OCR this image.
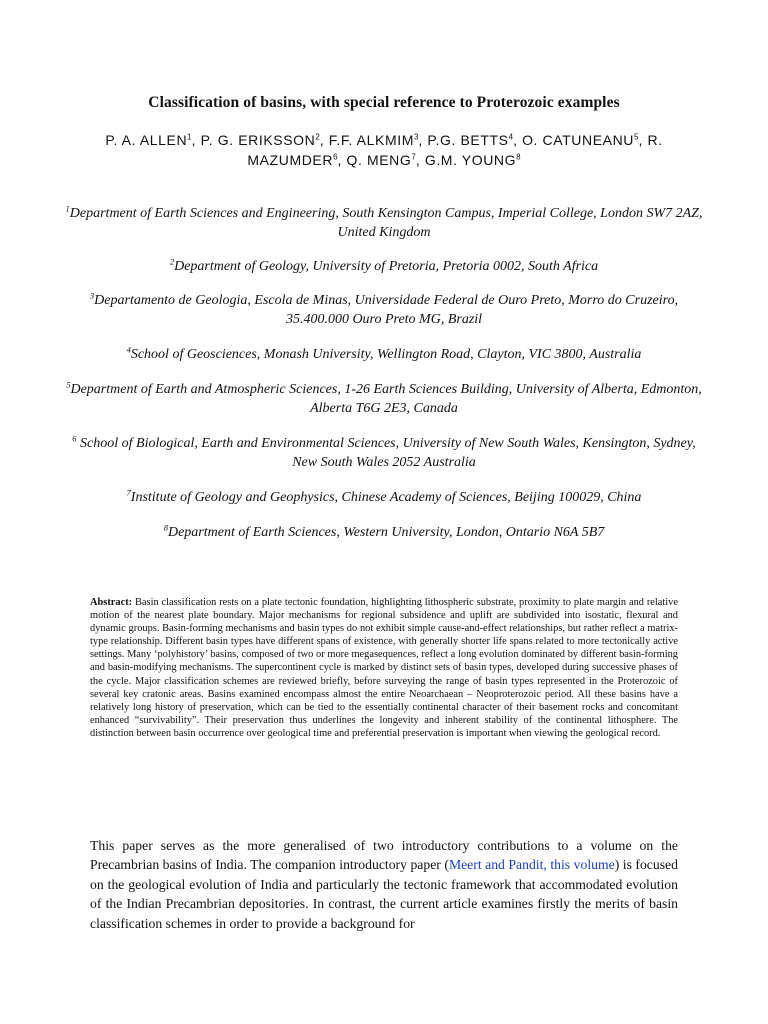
Classification of basins, with special reference to Proterozoic examples
P. A. ALLEN$^1$, P. G. ERIKSSON$^2$, F.F. ALKMIM$^3$, P.G. BETTS$^4$, O. CATUNEANU$^5$, R. MAZUMDER$^6$, Q. MENG$^7$, G.M. YOUNG$^8$
$^1$Department of Earth Sciences and Engineering, South Kensington Campus, Imperial College, London SW7 2AZ, United Kingdom
$^2$Department of Geology, University of Pretoria, Pretoria 0002, South Africa
$^3$Departamento de Geologia, Escola de Minas, Universidade Federal de Ouro Preto, Morro do Cruzeiro, 35.400.000 Ouro Preto MG, Brazil
$^4$School of Geosciences, Monash University, Wellington Road, Clayton, VIC 3800, Australia
$^5$Department of Earth and Atmospheric Sciences, 1-26 Earth Sciences Building, University of Alberta, Edmonton, Alberta T6G 2E3, Canada
$^6$ School of Biological, Earth and Environmental Sciences, University of New South Wales, Kensington, Sydney, New South Wales 2052 Australia
$^7$Institute of Geology and Geophysics, Chinese Academy of Sciences, Beijing 100029, China
$^8$Department of Earth Sciences, Western University, London, Ontario N6A 5B7
Abstract: Basin classification rests on a plate tectonic foundation, highlighting lithospheric substrate, proximity to plate margin and relative motion of the nearest plate boundary. Major mechanisms for regional subsidence and uplift are subdivided into isostatic, flexural and dynamic groups. Basin-forming mechanisms and basin types do not exhibit simple cause-and-effect relationships, but rather reflect a matrix-type relationship. Different basin types have different spans of existence, with generally shorter life spans related to more tectonically active settings. Many ‘polyhistory’ basins, composed of two or more megasequences, reflect a long evolution dominated by different basin-forming and basin-modifying mechanisms. The supercontinent cycle is marked by distinct sets of basin types, developed during successive phases of the cycle. Major classification schemes are reviewed briefly, before surveying the range of basin types represented in the Proterozoic of several key cratonic areas. Basins examined encompass almost the entire Neoarchaean – Neoproterozoic period. All these basins have a relatively long history of preservation, which can be tied to the essentially continental character of their basement rocks and concomitant enhanced “survivability”. Their preservation thus underlines the longevity and inherent stability of the continental lithosphere. The distinction between basin occurrence over geological time and preferential preservation is important when viewing the geological record.
This paper serves as the more generalised of two introductory contributions to a volume on the Precambrian basins of India. The companion introductory paper (Meert and Pandit, this volume) is focused on the geological evolution of India and particularly the tectonic framework that accommodated evolution of the Indian Precambrian depositories. In contrast, the current article examines firstly the merits of basin classification schemes in order to provide a background for
